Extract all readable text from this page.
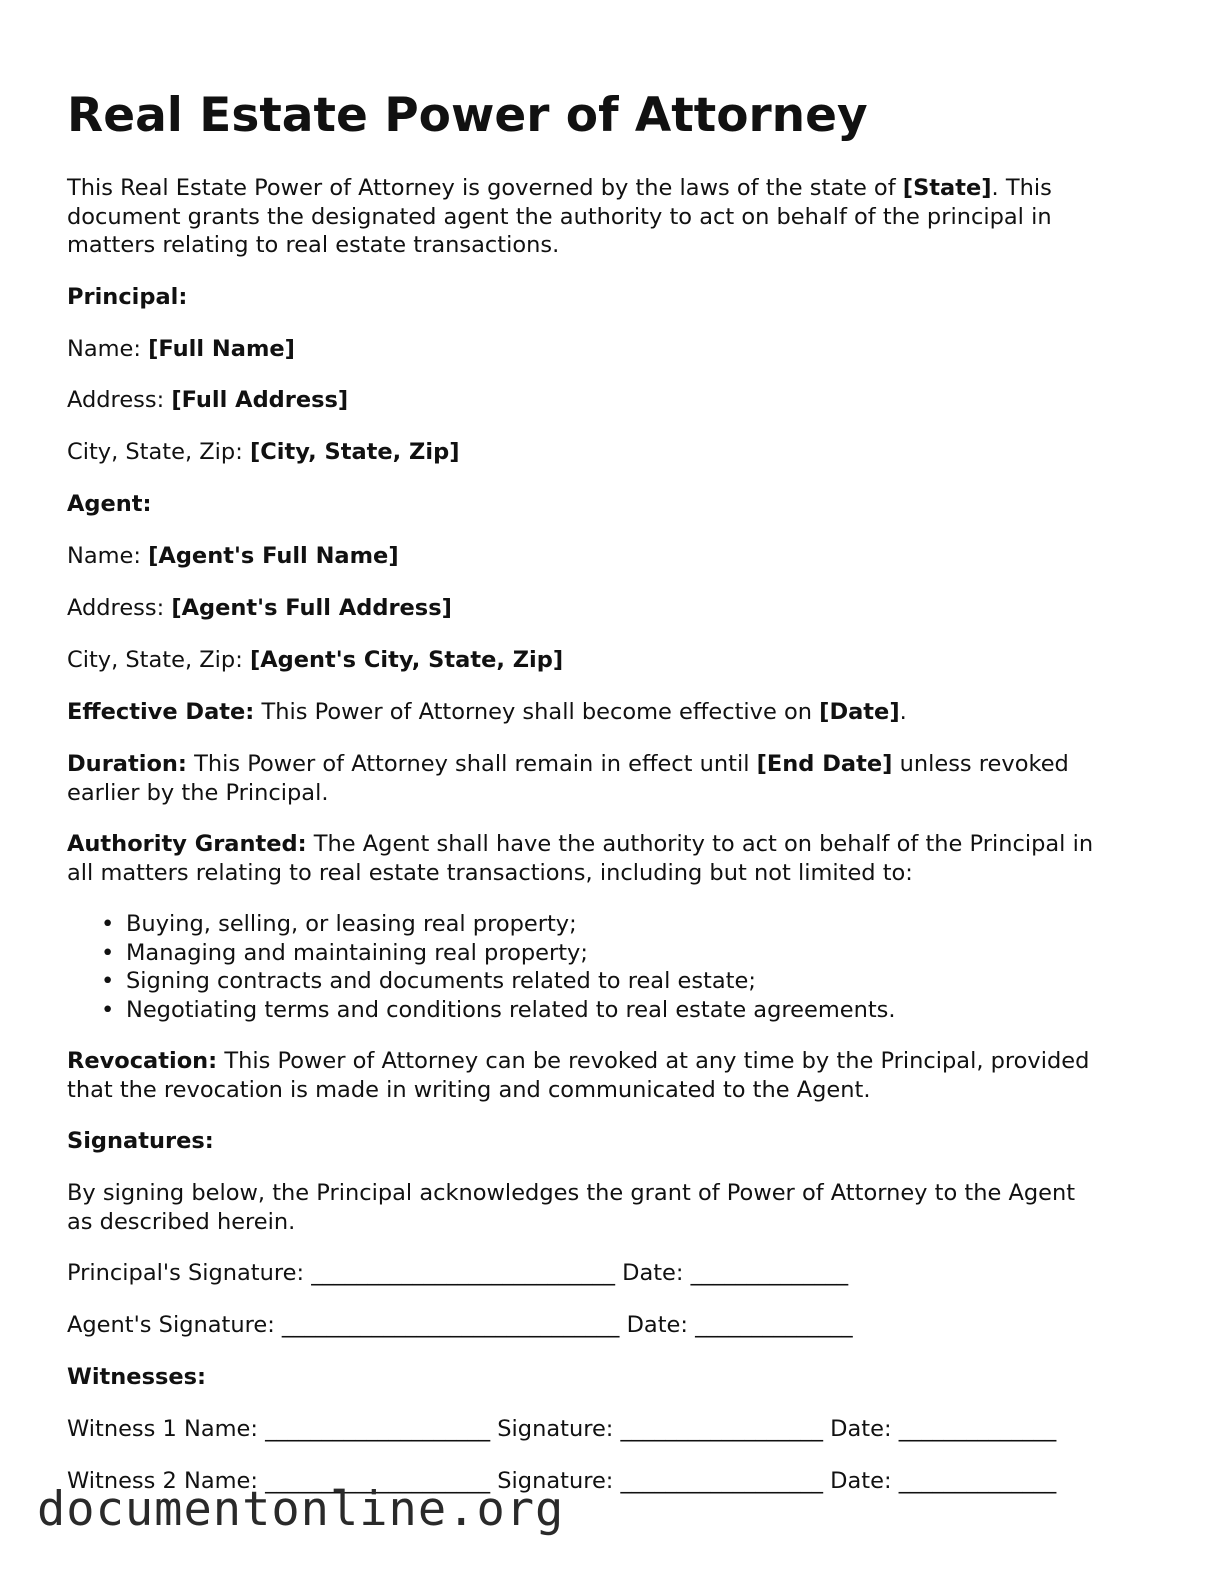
Real Estate Power of Attorney
This Real Estate Power of Attorney is governed by the laws of the state of [State]. This
document grants the designated agent the authority to act on behalf of the principal in
matters relating to real estate transactions.
Principal:
Name: [Full Name]
Address: [Full Address]
City, State, Zip: [City, State, Zip]
Agent:
Name: [Agent's Full Name]
Address: [Agent's Full Address]
City, State, Zip: [Agent's City, State, Zip]
Effective Date: This Power of Attorney shall become effective on [Date].
Duration: This Power of Attorney shall remain in effect until [End Date] unless revoked
earlier by the Principal.
Authority Granted: The Agent shall have the authority to act on behalf of the Principal in
all matters relating to real estate transactions, including but not limited to:
• Buying, selling, or leasing real property;
• Managing and maintaining real property;
• Signing contracts and documents related to real estate;
• Negotiating terms and conditions related to real estate agreements.
Revocation: This Power of Attorney can be revoked at any time by the Principal, provided
that the revocation is made in writing and communicated to the Agent.
Signatures:
By signing below, the Principal acknowledges the grant of Power of Attorney to the Agent
as described herein.
Principal's Signature: ___________________________ Date: ______________
Agent's Signature: ______________________________ Date: ______________
Witnesses:
Witness 1 Name: ____________________ Signature: __________________ Date: ______________
Witness 2 Name: ____________________ Signature: __________________ Date: ______________
documentonline.org
